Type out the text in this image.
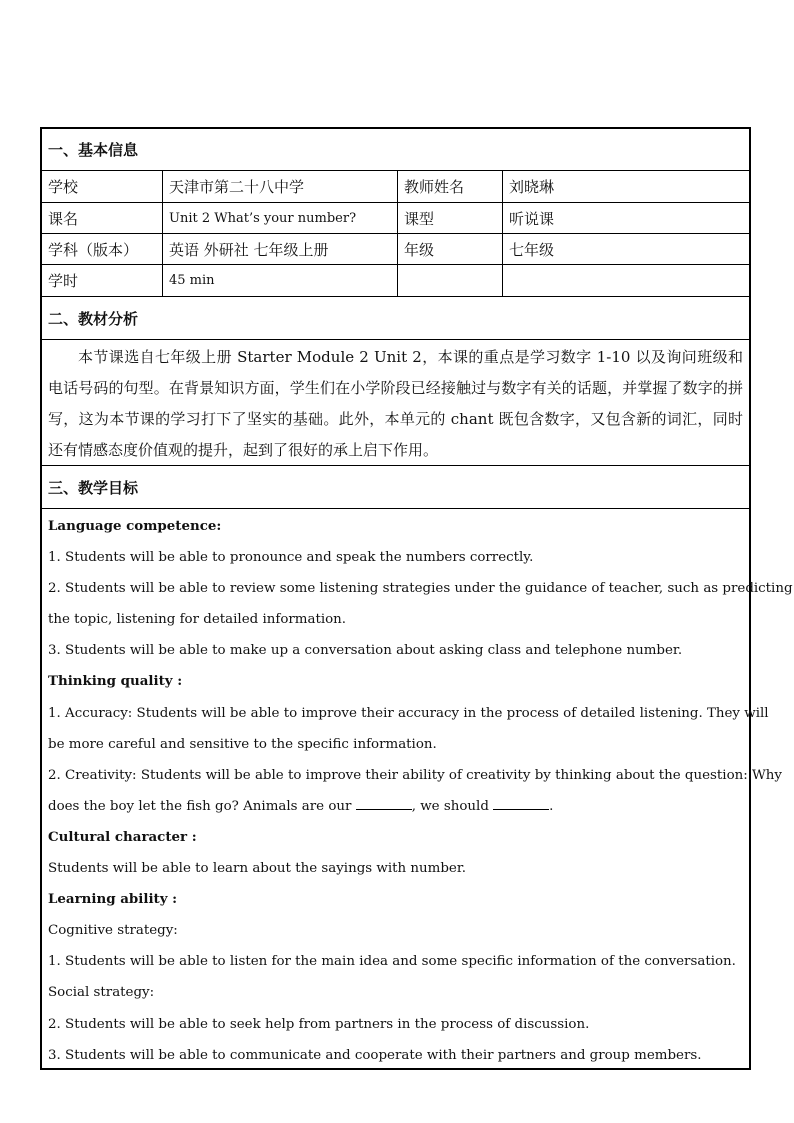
一、基本信息
学校	天津市第二十八中学	教师姓名	刘晓琳
课名	Unit 2 What’s your number?	课型	听说课
学科（版本）	英语 外研社 七年级上册	年级	七年级
学时	45 min
二、教材分析
本节课选自七年级上册 Starter Module 2 Unit 2，本课的重点是学习数字 1-10 以及询问班级和电话号码的句型。在背景知识方面，学生们在小学阶段已经接触过与数字有关的话题，并掌握了数字的拼写，这为本节课的学习打下了坚实的基础。此外，本单元的 chant 既包含数字，又包含新的词汇，同时还有情感态度价值观的提升，起到了很好的承上启下作用。
三、教学目标

Language competence:

1. Students will be able to pronounce and speak the numbers correctly.

2. Students will be able to review some listening strategies under the guidance of teacher, such as predicting

the topic, listening for detailed information.

3. Students will be able to make up a conversation about asking class and telephone number.

Thinking quality :

1. Accuracy: Students will be able to improve their accuracy in the process of detailed listening. They will

be more careful and sensitive to the specific information.

2. Creativity: Students will be able to improve their ability of creativity by thinking about the question: Why

does the boy let the fish go? Animals are our	, we should	.

Cultural character :

Students will be able to learn about the sayings with number.

Learning ability :

Cognitive strategy:

1. Students will be able to listen for the main idea and some specific information of the conversation.

Social strategy:

2. Students will be able to seek help from partners in the process of discussion.

3. Students will be able to communicate and cooperate with their partners and group members.
